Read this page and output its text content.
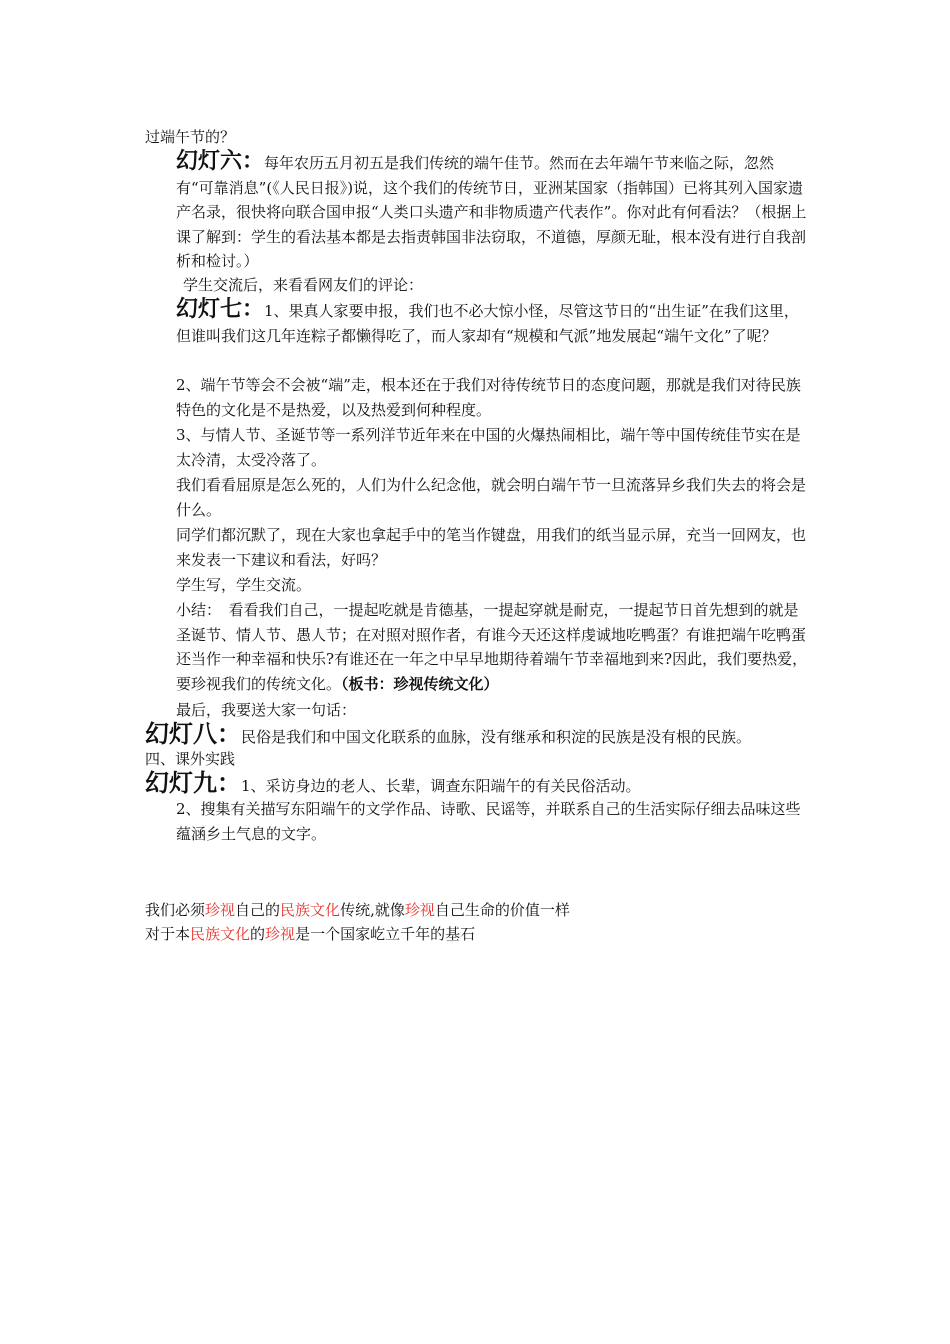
过端午节的？

幻灯六：每年农历五月初五是我们传统的端午佳节。然而在去年端午节来临之际，忽然有“可靠消息”(《人民日报》)说，这个我们的传统节日，亚洲某国家（指韩国）已将其列入国家遗产名录，很快将向联合国申报“人类口头遗产和非物质遗产代表作”。你对此有何看法？（根据上课了解到：学生的看法基本都是去指责韩国非法窃取，不道德，厚颜无耻，根本没有进行自我剖析和检讨。）

学生交流后，来看看网友们的评论：

幻灯七：1、果真人家要申报，我们也不必大惊小怪，尽管这节日的“出生证”在我们这里，但谁叫我们这几年连粽子都懒得吃了，而人家却有“规模和气派”地发展起“端午文化”了呢？

2、端午节等会不会被“端”走，根本还在于我们对待传统节日的态度问题，那就是我们对待民族特色的文化是不是热爱，以及热爱到何种程度。

3、与情人节、圣诞节等一系列洋节近年来在中国的火爆热闹相比，端午等中国传统佳节实在是太冷清，太受冷落了。

我们看看屈原是怎么死的，人们为什么纪念他，就会明白端午节一旦流落异乡我们失去的将会是什么。

同学们都沉默了，现在大家也拿起手中的笔当作键盘，用我们的纸当显示屏，充当一回网友，也来发表一下建议和看法，好吗？

学生写，学生交流。

小结：　看看我们自己，一提起吃就是肯德基，一提起穿就是耐克，一提起节日首先想到的就是圣诞节、情人节、愚人节；在对照对照作者，有谁今天还这样虔诚地吃鸭蛋？有谁把端午吃鸭蛋还当作一种幸福和快乐?有谁还在一年之中早早地期待着端午节幸福地到来?因此，我们要热爱，要珍视我们的传统文化。（板书：珍视传统文化）

最后，我要送大家一句话：

幻灯八：民俗是我们和中国文化联系的血脉，没有继承和积淀的民族是没有根的民族。

四、课外实践

幻灯九：1、采访身边的老人、长辈，调查东阳端午的有关民俗活动。

2、搜集有关描写东阳端午的文学作品、诗歌、民谣等，并联系自己的生活实际仔细去品味这些蕴涵乡土气息的文字。

我们必须珍视自己的民族文化传统,就像珍视自己生命的价值一样

对于本民族文化的珍视是一个国家屹立千年的基石
